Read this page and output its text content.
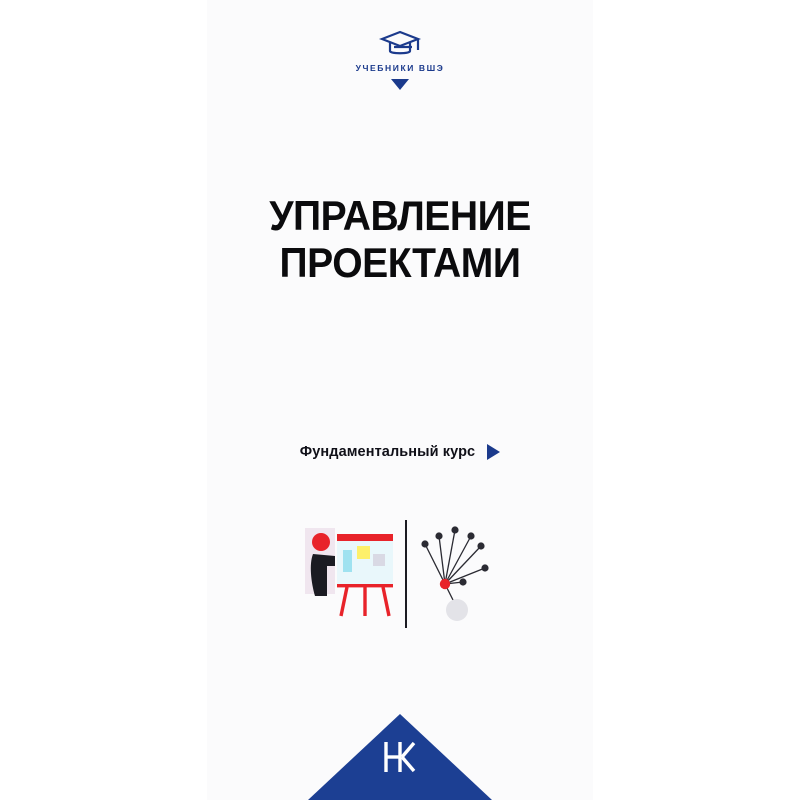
УЧЕБНИКИ ВШЭ
УПРАВЛЕНИЕ
ПРОЕКТАМИ
Фундаментальный курс
